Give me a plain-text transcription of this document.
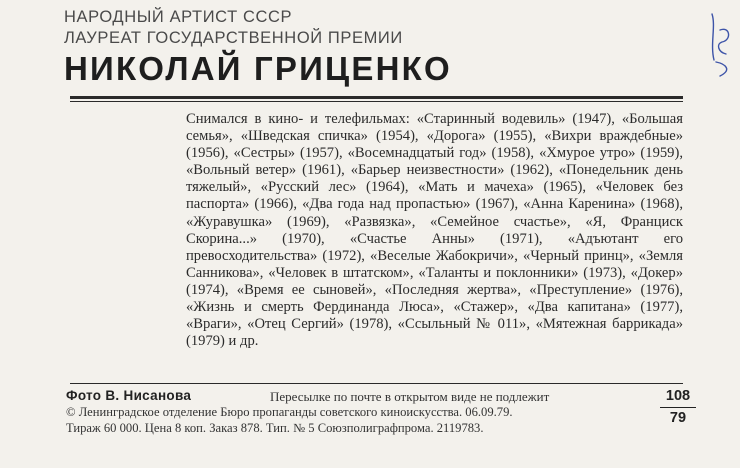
НАРОДНЫЙ АРТИСТ СССР
ЛАУРЕАТ ГОСУДАРСТВЕННОЙ ПРЕМИИ
НИКОЛАЙ ГРИЦЕНКО
Снимался в кино- и телефильмах: «Старинный водевиль» (1947), «Большая семья», «Шведская спичка» (1954), «Дорога» (1955), «Вихри враждебные» (1956), «Сестры» (1957), «Восемнадцатый год» (1958), «Хмурое утро» (1959), «Вольный ветер» (1961), «Барьер неизвестности» (1962), «Понедельник день тяжелый», «Русский лес» (1964), «Мать и мачеха» (1965), «Человек без паспорта» (1966), «Два года над пропастью» (1967), «Анна Каренина» (1968), «Журавушка» (1969), «Развязка», «Семейное счастье», «Я, Франциск Скорина...» (1970), «Счастье Анны» (1971), «Адъютант его превосходительства» (1972), «Веселые Жабокричи», «Черный принц», «Земля Санникова», «Человек в штатском», «Таланты и поклонники» (1973), «Докер» (1974), «Время ее сыновей», «Последняя жертва», «Преступление» (1976), «Жизнь и смерть Фердинанда Люса», «Стажер», «Два капитана» (1977), «Враги», «Отец Сергий» (1978), «Ссыльный № 011», «Мятежная баррикада» (1979) и др.
Фото В. Нисанова	Пересылке по почте в открытом виде не подлежит
© Ленинградское отделение Бюро пропаганды советского киноискусства. 06.09.79.
Тираж 60 000. Цена 8 коп. Заказ 878. Тип. № 5 Союзполиграфпрома. 2119783.
108
79
